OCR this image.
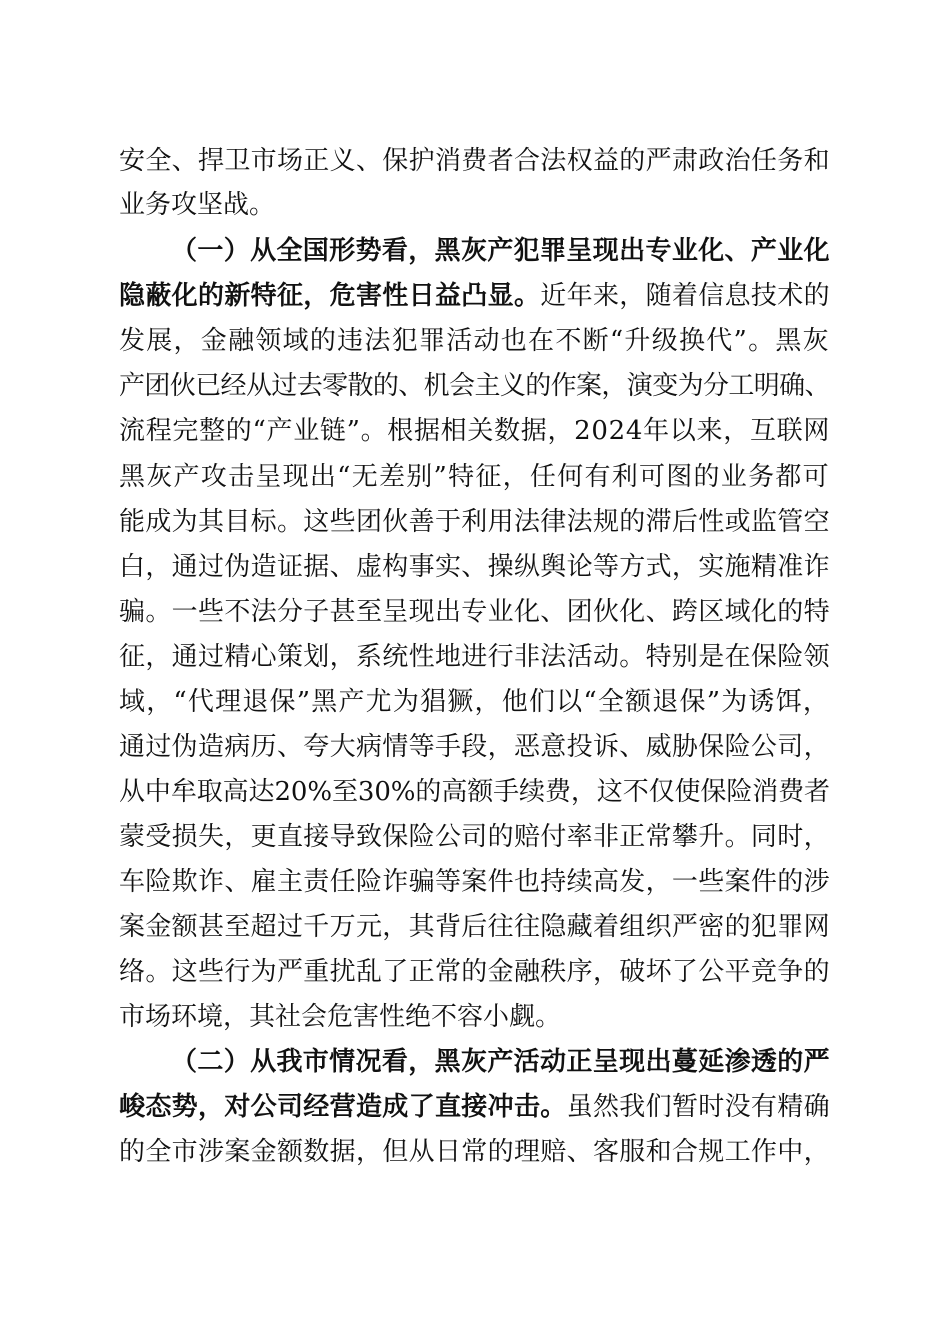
安全、捍卫市场正义、保护消费者合法权益的严肃政治任务和
业务攻坚战。
（一）从全国形势看，黑灰产犯罪呈现出专业化、产业化
隐蔽化的新特征，危害性日益凸显。近年来，随着信息技术的
发展，金融领域的违法犯罪活动也在不断“升级换代”。黑灰
产团伙已经从过去零散的、机会主义的作案，演变为分工明确、
流程完整的“产业链”。根据相关数据，2024年以来，互联网
黑灰产攻击呈现出“无差别”特征，任何有利可图的业务都可
能成为其目标。这些团伙善于利用法律法规的滞后性或监管空
白，通过伪造证据、虚构事实、操纵舆论等方式，实施精准诈
骗。一些不法分子甚至呈现出专业化、团伙化、跨区域化的特
征，通过精心策划，系统性地进行非法活动。特别是在保险领
域，“代理退保”黑产尤为猖獗，他们以“全额退保”为诱饵，
通过伪造病历、夸大病情等手段，恶意投诉、威胁保险公司，
从中牟取高达20%至30%的高额手续费，这不仅使保险消费者
蒙受损失，更直接导致保险公司的赔付率非正常攀升。同时，
车险欺诈、雇主责任险诈骗等案件也持续高发，一些案件的涉
案金额甚至超过千万元，其背后往往隐藏着组织严密的犯罪网
络。这些行为严重扰乱了正常的金融秩序，破坏了公平竞争的
市场环境，其社会危害性绝不容小觑。
（二）从我市情况看，黑灰产活动正呈现出蔓延渗透的严
峻态势，对公司经营造成了直接冲击。虽然我们暂时没有精确
的全市涉案金额数据，但从日常的理赔、客服和合规工作中，
